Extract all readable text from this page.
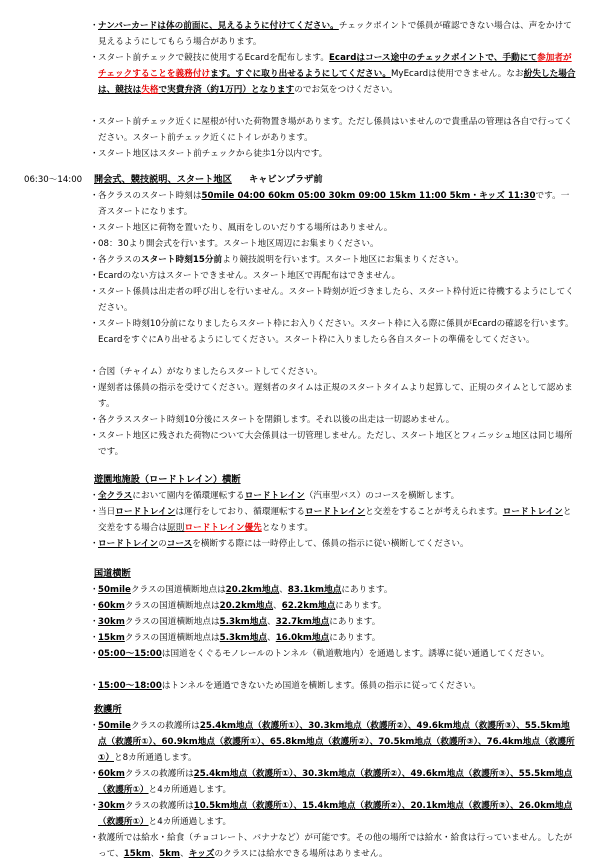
・ ナンバーカードは体の前面に、見えるように付けてください。チェックポイントで係員が確認できない場合は、声をかけて見えるようにしてもらう場合があります。
・ スタート前チェックで競技に使用するEcardを配布します。Ecardはコース途中のチェックポイントで、手動にて参加者がチェックすることを義務付けます。すぐに取り出せるようにしてください。MyEcardは使用できません。なお紛失した場合は、競技は失格で実費弁済（約1万円）となりますのでお気をつけください。
・ スタート前チェック近くに屋根が付いた荷物置き場があります。ただし係員はいませんので貴重品の管理は各自で行ってください。スタート前チェック近くにトイレがあります。
・ スタート地区はスタート前チェックから徒歩1分以内です。
06:30〜14:00 開会式、競技説明、スタート地区 キャビンプラザ前
・ 各クラスのスタート時刻は50mile 04:00 60km 05:00 30km 09:00 15km 11:00 5km・キッズ 11:30です。一斉スタートになります。
・ スタート地区に荷物を置いたり、風雨をしのいだりする場所はありません。
・ 08：30より開会式を行います。スタート地区周辺にお集まりください。
・ 各クラスのスタート時刻15分前より競技説明を行います。スタート地区にお集まりください。
・ Ecardのない方はスタートできません。スタート地区で再配布はできません。
・ スタート係員は出走者の呼び出しを行いません。スタート時刻が近づきましたら、スタート枠付近に待機するようにしてください。
・ スタート時刻10分前になりましたらスタート枠にお入りください。スタート枠に入る際に係員がEcardの確認を行います。EcardをすぐにAり出せるようにしてください。スタート枠に入りましたら各自スタートの準備をしてください。
・ 合図（チャイム）がなりましたらスタートしてください。
・ 遅刻者は係員の指示を受けてください。遅刻者のタイムは正規のスタートタイムより起算して、正規のタイムとして認めます。
・ 各クラススタート時刻10分後にスタートを閉鎖します。それ以後の出走は一切認めません。
・ スタート地区に残された荷物について大会係員は一切管理しません。ただし、スタート地区とフィニッシュ地区は同じ場所です。
遊園地施設（ロードトレイン）横断
・ 全クラスにおいて園内を循環運転するロードトレイン（汽車型バス）のコースを横断します。
・ 当日ロードトレインは運行をしており、循環運転するロードトレインと交差をすることが考えられます。ロードトレインと交差をする場合は原則ロードトレイン優先となります。
・ ロードトレインのコースを横断する際には一時停止して、係員の指示に従い横断してください。
国道横断
・ 50mileクラスの国道横断地点は20.2km地点、83.1km地点にあります。
・ 60kmクラスの国道横断地点は20.2km地点、62.2km地点にあります。
・ 30kmクラスの国道横断地点は5.3km地点、32.7km地点にあります。
・ 15kmクラスの国道横断地点は5.3km地点、16.0km地点にあります。
・ 05:00〜15:00は国道をくぐるモノレールのトンネル（軌道敷地内）を通過します。誘導に従い通過してください。
・ 15:00〜18:00はトンネルを通過できないため国道を横断します。係員の指示に従ってください。
救護所
・ 50mileクラスの救護所は25.4km地点（救護所①）、30.3km地点（救護所②）、49.6km地点（救護所③）、55.5km地点（救護所①）、60.9km地点（救護所①）、65.8km地点（救護所②）、70.5km地点（救護所③）、76.4km地点（救護所①）と8カ所通過します。
・ 60kmクラスの救護所は25.4km地点（救護所①）、30.3km地点（救護所②）、49.6km地点（救護所③）、55.5km地点（救護所①）と4カ所通過します。
・ 30kmクラスの救護所は10.5km地点（救護所①）、15.4km地点（救護所②）、20.1km地点（救護所③）、26.0km地点（救護所①）と4カ所通過します。
・ 救護所では給水・給食（チョコレート、バナナなど）が可能です。その他の場所では給水・給食は行っていません。したがって、15km、5km、キッズのクラスには給水できる場所はありません。
